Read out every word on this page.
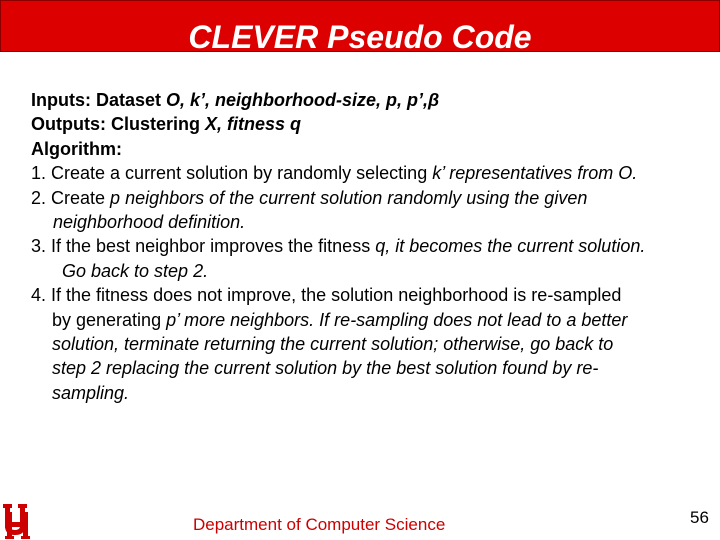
CLEVER Pseudo Code

Inputs: Dataset O, k’, neighborhood-size, p, p’,β

Outputs: Clustering X, fitness q

Algorithm:

1. Create a current solution by randomly selecting k’ representatives from O.

2. Create p neighbors of the current solution randomly using the given

neighborhood definition.

3. If the best neighbor improves the fitness q, it becomes the current solution.

Go back to step 2.

4. If the fitness does not improve, the solution neighborhood is re-sampled

by generating p’ more neighbors. If re-sampling does not lead to a better

solution, terminate returning the current solution; otherwise, go back to

step 2 replacing the current solution by the best solution found by re-

sampling.

Department of Computer Science	56
